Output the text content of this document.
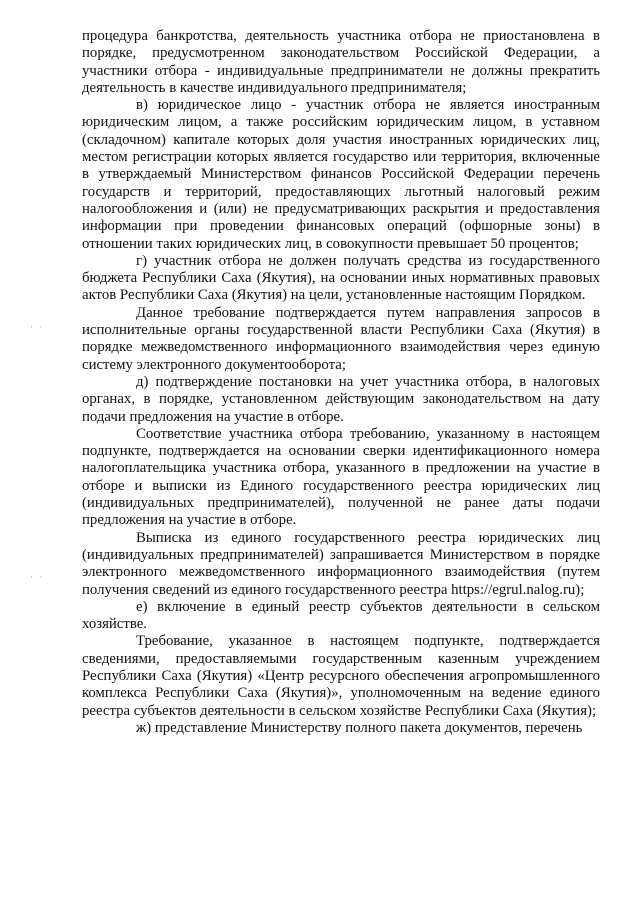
· ·
· ·

процедура банкротства, деятельность участника отбора не приостановлена в порядке, предусмотренном законодательством Российской Федерации, а участники отбора - индивидуальные предприниматели не должны прекратить деятельность в качестве индивидуального предпринимателя;

в) юридическое лицо - участник отбора не является иностранным юридическим лицом, а также российским юридическим лицом, в уставном (складочном) капитале которых доля участия иностранных юридических лиц, местом регистрации которых является государство или территория, включенные в утверждаемый Министерством финансов Российской Федерации перечень государств и территорий, предоставляющих льготный налоговый режим налогообложения и (или) не предусматривающих раскрытия и предоставления информации при проведении финансовых операций (офшорные зоны) в отношении таких юридических лиц, в совокупности превышает 50 процентов;

г) участник отбора не должен получать средства из государственного бюджета Республики Саха (Якутия), на основании иных нормативных правовых актов Республики Саха (Якутия) на цели, установленные настоящим Порядком.

Данное требование подтверждается путем направления запросов в исполнительные органы государственной власти Республики Саха (Якутия) в порядке межведомственного информационного взаимодействия через единую систему электронного документооборота;

д) подтверждение постановки на учет участника отбора, в налоговых органах, в порядке, установленном действующим законодательством на дату подачи предложения на участие в отборе.

Соответствие участника отбора требованию, указанному в настоящем подпункте, подтверждается на основании сверки идентификационного номера налогоплательщика участника отбора, указанного в предложении на участие в отборе и выписки из Единого государственного реестра юридических лиц (индивидуальных предпринимателей), полученной не ранее даты подачи предложения на участие в отборе.

Выписка из единого государственного реестра юридических лиц (индивидуальных предпринимателей) запрашивается Министерством в порядке электронного межведомственного информационного взаимодействия (путем получения сведений из единого государственного реестра https://egrul.nalog.ru);

е) включение в единый реестр субъектов деятельности в сельском хозяйстве.

Требование, указанное в настоящем подпункте, подтверждается сведениями, предоставляемыми государственным казенным учреждением Республики Саха (Якутия) «Центр ресурсного обеспечения агропромышленного комплекса Республики Саха (Якутия)», уполномоченным на ведение единого реестра субъектов деятельности в сельском хозяйстве Республики Саха (Якутия);

ж) представление Министерству полного пакета документов, перечень
